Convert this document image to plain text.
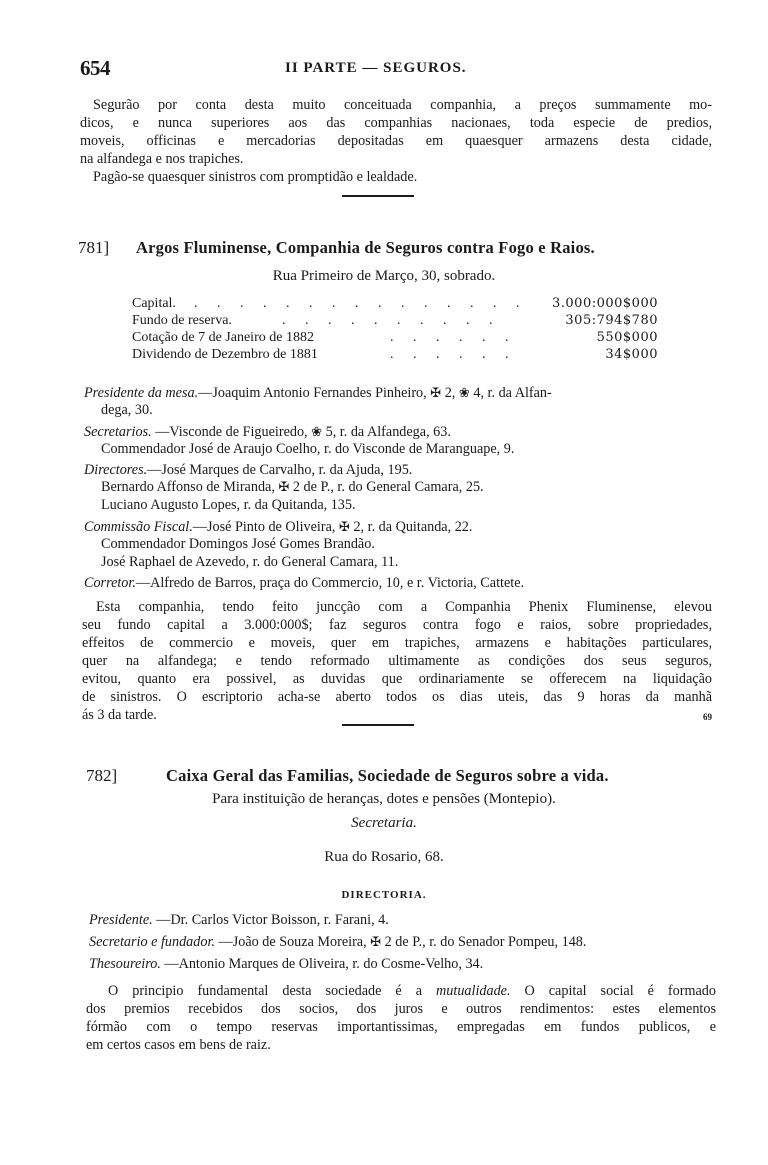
654	II PARTE — SEGUROS.
Segurão por conta desta muito conceituada companhia, a preços summamente mo-
dicos, e nunca superiores aos das companhias nacionaes, toda especie de predios,
moveis, officinas e mercadorias depositadas em quaesquer armazens desta cidade,
na alfandega e nos trapiches.
Pagão-se quaesquer sinistros com promptidão e lealdade.
781] Argos Fluminense, Companhia de Seguros contra Fogo e Raios.
Rua Primeiro de Março, 30, sobrado.
Capital. . . . . . . . . . . . . . . . 3.000:000$000
Fundo de reserva.	. . . . . . . . . .	305:794$780
Cotação de 7 de Janeiro de 1882	. . . . . .	550$000
Dividendo de Dezembro de 1881	. . . . . .	34$000
Presidente da mesa.—Joaquim Antonio Fernandes Pinheiro, ✠ 2, ❀ 4, r. da Alfan-
dega, 30.
Secretarios. —Visconde de Figueiredo, ❀ 5, r. da Alfandega, 63.
Commendador José de Araujo Coelho, r. do Visconde de Maranguape, 9.
Directores.—José Marques de Carvalho, r. da Ajuda, 195.
Bernardo Affonso de Miranda, ✠ 2 de P., r. do General Camara, 25.
Luciano Augusto Lopes, r. da Quitanda, 135.
Commissão Fiscal.—José Pinto de Oliveira, ✠ 2, r. da Quitanda, 22.
Commendador Domingos José Gomes Brandão.
José Raphael de Azevedo, r. do General Camara, 11.
Corretor.—Alfredo de Barros, praça do Commercio, 10, e r. Victoria, Cattete.
Esta companhia, tendo feito juncção com a Companhia Phenix Fluminense, elevou
seu fundo capital a 3.000:000$; faz seguros contra fogo e raios, sobre propriedades,
effeitos de commercio e moveis, quer em trapiches, armazens e habitações particulares,
quer na alfandega; e tendo reformado ultimamente as condições dos seus seguros,
evitou, quanto era possivel, as duvidas que ordinariamente se offerecem na liquidação
de sinistros. O escriptorio acha-se aberto todos os dias uteis, das 9 horas da manhã
ás 3 da tarde.	69
782]	Caixa Geral das Familias, Sociedade de Seguros sobre a vida.
Para instituição de heranças, dotes e pensões (Montepio).
Secretaria.
Rua do Rosario, 68.
DIRECTORIA.
Presidente. —Dr. Carlos Victor Boisson, r. Farani, 4.
Secretario e fundador. —João de Souza Moreira, ✠ 2 de P., r. do Senador Pompeu, 148.
Thesoureiro. —Antonio Marques de Oliveira, r. do Cosme-Velho, 34.
O principio fundamental desta sociedade é a mutualidade. O capital social é formado
dos premios recebidos dos socios, dos juros e outros rendimentos: estes elementos
fórmão com o tempo reservas importantissimas, empregadas em fundos publicos, e
em certos casos em bens de raiz.
